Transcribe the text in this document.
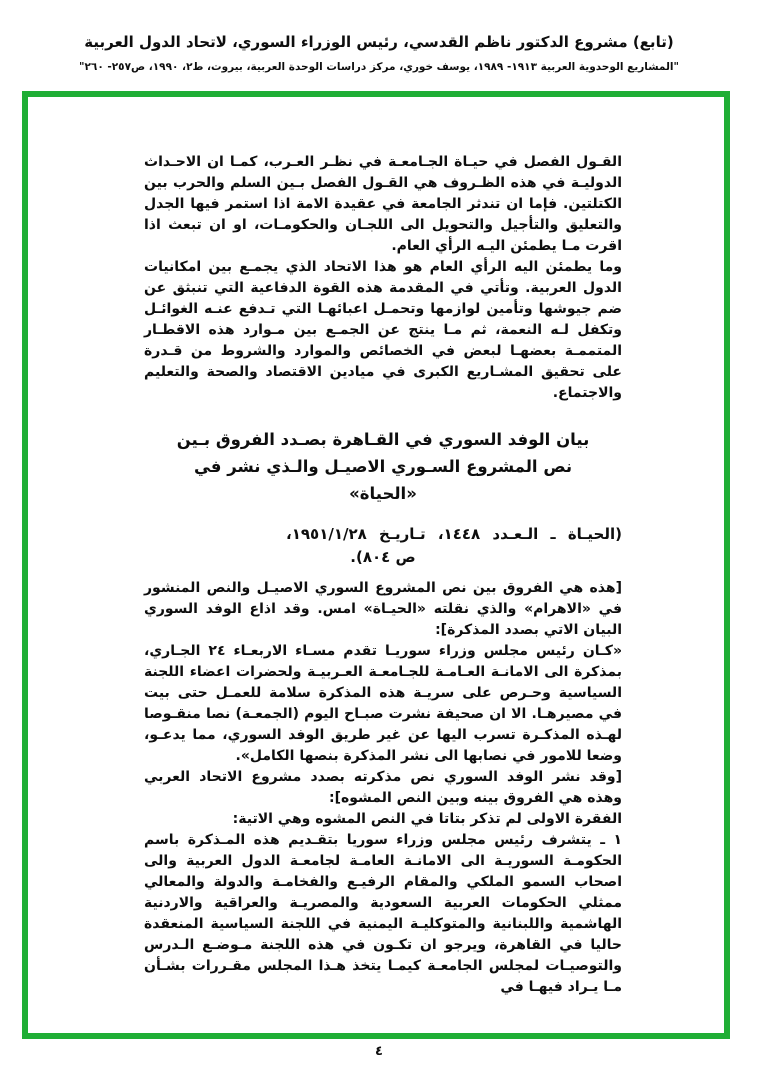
(تابع) مشروع الدكتور ناظم القدسي، رئيس الوزراء السوري، لاتحاد الدول العربية
"المشاريع الوحدوية العربية ١٩١٣- ١٩٨٩، يوسف خوري، مركز دراسات الوحدة العربية، بيروت، ط٢، ١٩٩٠، ص٢٥٧- ٢٦٠"

القـول الفصل في حيـاة الجـامعـة في نظـر العـرب، كمـا ان الاحـداث الدوليـة في هذه الظـروف هي القـول الفصل بـين السلم والحرب بين الكتلتين. فإما ان تندثر الجامعة في عقيدة الامة اذا استمر فيها الجدل والتعليق والتأجيل والتحويل الى اللجـان والحكومـات، او ان تبعث اذا اقرت مـا يطمئن اليـه الرأي العام.

وما يطمئن اليه الرأي العام هو هذا الاتحاد الذي يجمـع بين امكانيات الدول العربية. وتأتي في المقدمة هذه القوة الدفاعية التي تنبثق عن ضم جيوشها وتأمين لوازمها وتحمـل اعبائهـا التي تـدفع عنـه الغوائـل وتكفل لـه النعمة، ثم مـا ينتج عن الجمـع بين مـوارد هذه الاقطـار المتممـة بعضهـا لبعض في الخصائص والموارد والشروط من قـدرة على تحقيق المشـاريع الكبرى في ميادين الاقتصاد والصحة والتعليم والاجتماع.

بيان الوفد السوري في القـاهرة بصـدد الفروق بـين
نص المشروع السـوري الاصيـل والـذي نشر في
«الحياة»
(الحيـاة ـ الـعـدد ١٤٤٨، تـاريـخ ١٩٥١/١/٢٨،
ص ٨٠٤).

[هذه هي الفروق بين نص المشروع السوري الاصيـل والنص المنشور في «الاهرام» والذي نقلته «الحيـاة» امس. وقد اذاع الوفد السوري البيان الاتي بصدد المذكرة]:

«كـان رئيس مجلس وزراء سوريـا تقدم مسـاء الاربعـاء ٢٤ الجـاري، بمذكرة الى الامانـة العـامـة للجـامعـة العـربيـة ولحضرات اعضاء اللجنة السياسية وحـرص على سريـة هذه المذكرة سلامة للعمـل حتى بيت في مصيرهـا. الا ان صحيفة نشرت صبـاح اليوم (الجمعـة) نصا منقـوصا لهـذه المذكـرة تسرب اليها عن غير طريق الوفد السوري، مما يدعـو، وضعا للامور في نصابها الى نشر المذكرة بنصها الكامل».

[وقد نشر الوفد السوري نص مذكرته بصدد مشروع الاتحاد العربي وهذه هي الفروق بينه وبين النص المشوه]:

الفقرة الاولى لم تذكر بتاتا في النص المشوه وهي الاتية:

١ ـ يتشرف رئيس مجلس وزراء سوريا بتقـديم هذه المـذكرة باسم الحكومـة السوريـة الى الامانـة العامـة لجامعـة الدول العربية والى اصحاب السمو الملكي والمقام الرفيـع والفخامـة والدولة والمعالي ممثلي الحكومات العربية السعودية والمصريـة والعراقية والاردنية الهاشمية واللبنانية والمتوكليـة اليمنية في اللجنة السياسية المنعقدة حاليا في القاهرة، ويرجو ان تكـون في هذه اللجنة مـوضـع الـدرس والتوصيـات لمجلس الجامعـة كيمـا يتخذ هـذا المجلس مقـررات بشـأن مـا يـراد فيهـا في

٤
